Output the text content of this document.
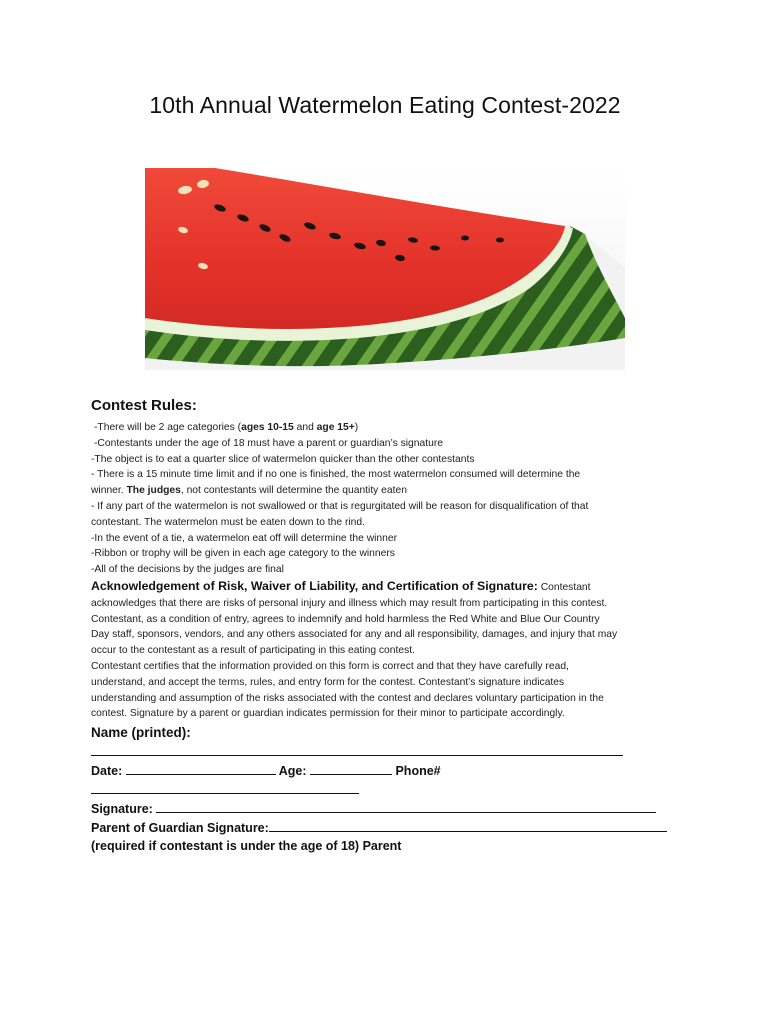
10th Annual Watermelon Eating Contest-2022
Contest Rules:
-There will be 2 age categories (ages 10-15 and age 15+)
-Contestants under the age of 18 must have a parent or guardian’s signature
-The object is to eat a quarter slice of watermelon quicker than the other contestants
- There is a 15 minute time limit and if no one is finished, the most watermelon consumed will determine the
winner. The judges, not contestants will determine the quantity eaten
- If any part of the watermelon is not swallowed or that is regurgitated will be reason for disqualification of that
contestant. The watermelon must be eaten down to the rind.
-In the event of a tie, a watermelon eat off will determine the winner
-Ribbon or trophy will be given in each age category to the winners
-All of the decisions by the judges are final
Acknowledgement of Risk, Waiver of Liability, and Certification of Signature: Contestant
acknowledges that there are risks of personal injury and illness which may result from participating in this contest.
Contestant, as a condition of entry, agrees to indemnify and hold harmless the Red White and Blue Our Country
Day staff, sponsors, vendors, and any others associated for any and all responsibility, damages, and injury that may
occur to the contestant as a result of participating in this eating contest.
Contestant certifies that the information provided on this form is correct and that they have carefully read,
understand, and accept the terms, rules, and entry form for the contest. Contestant’s signature indicates
understanding and assumption of the risks associated with the contest and declares voluntary participation in the
contest. Signature by a parent or guardian indicates permission for their minor to participate accordingly.
Name (printed):
Date:	Age:	Phone#
Signature:
Parent of Guardian Signature:
(required if contestant is under the age of 18) Parent
